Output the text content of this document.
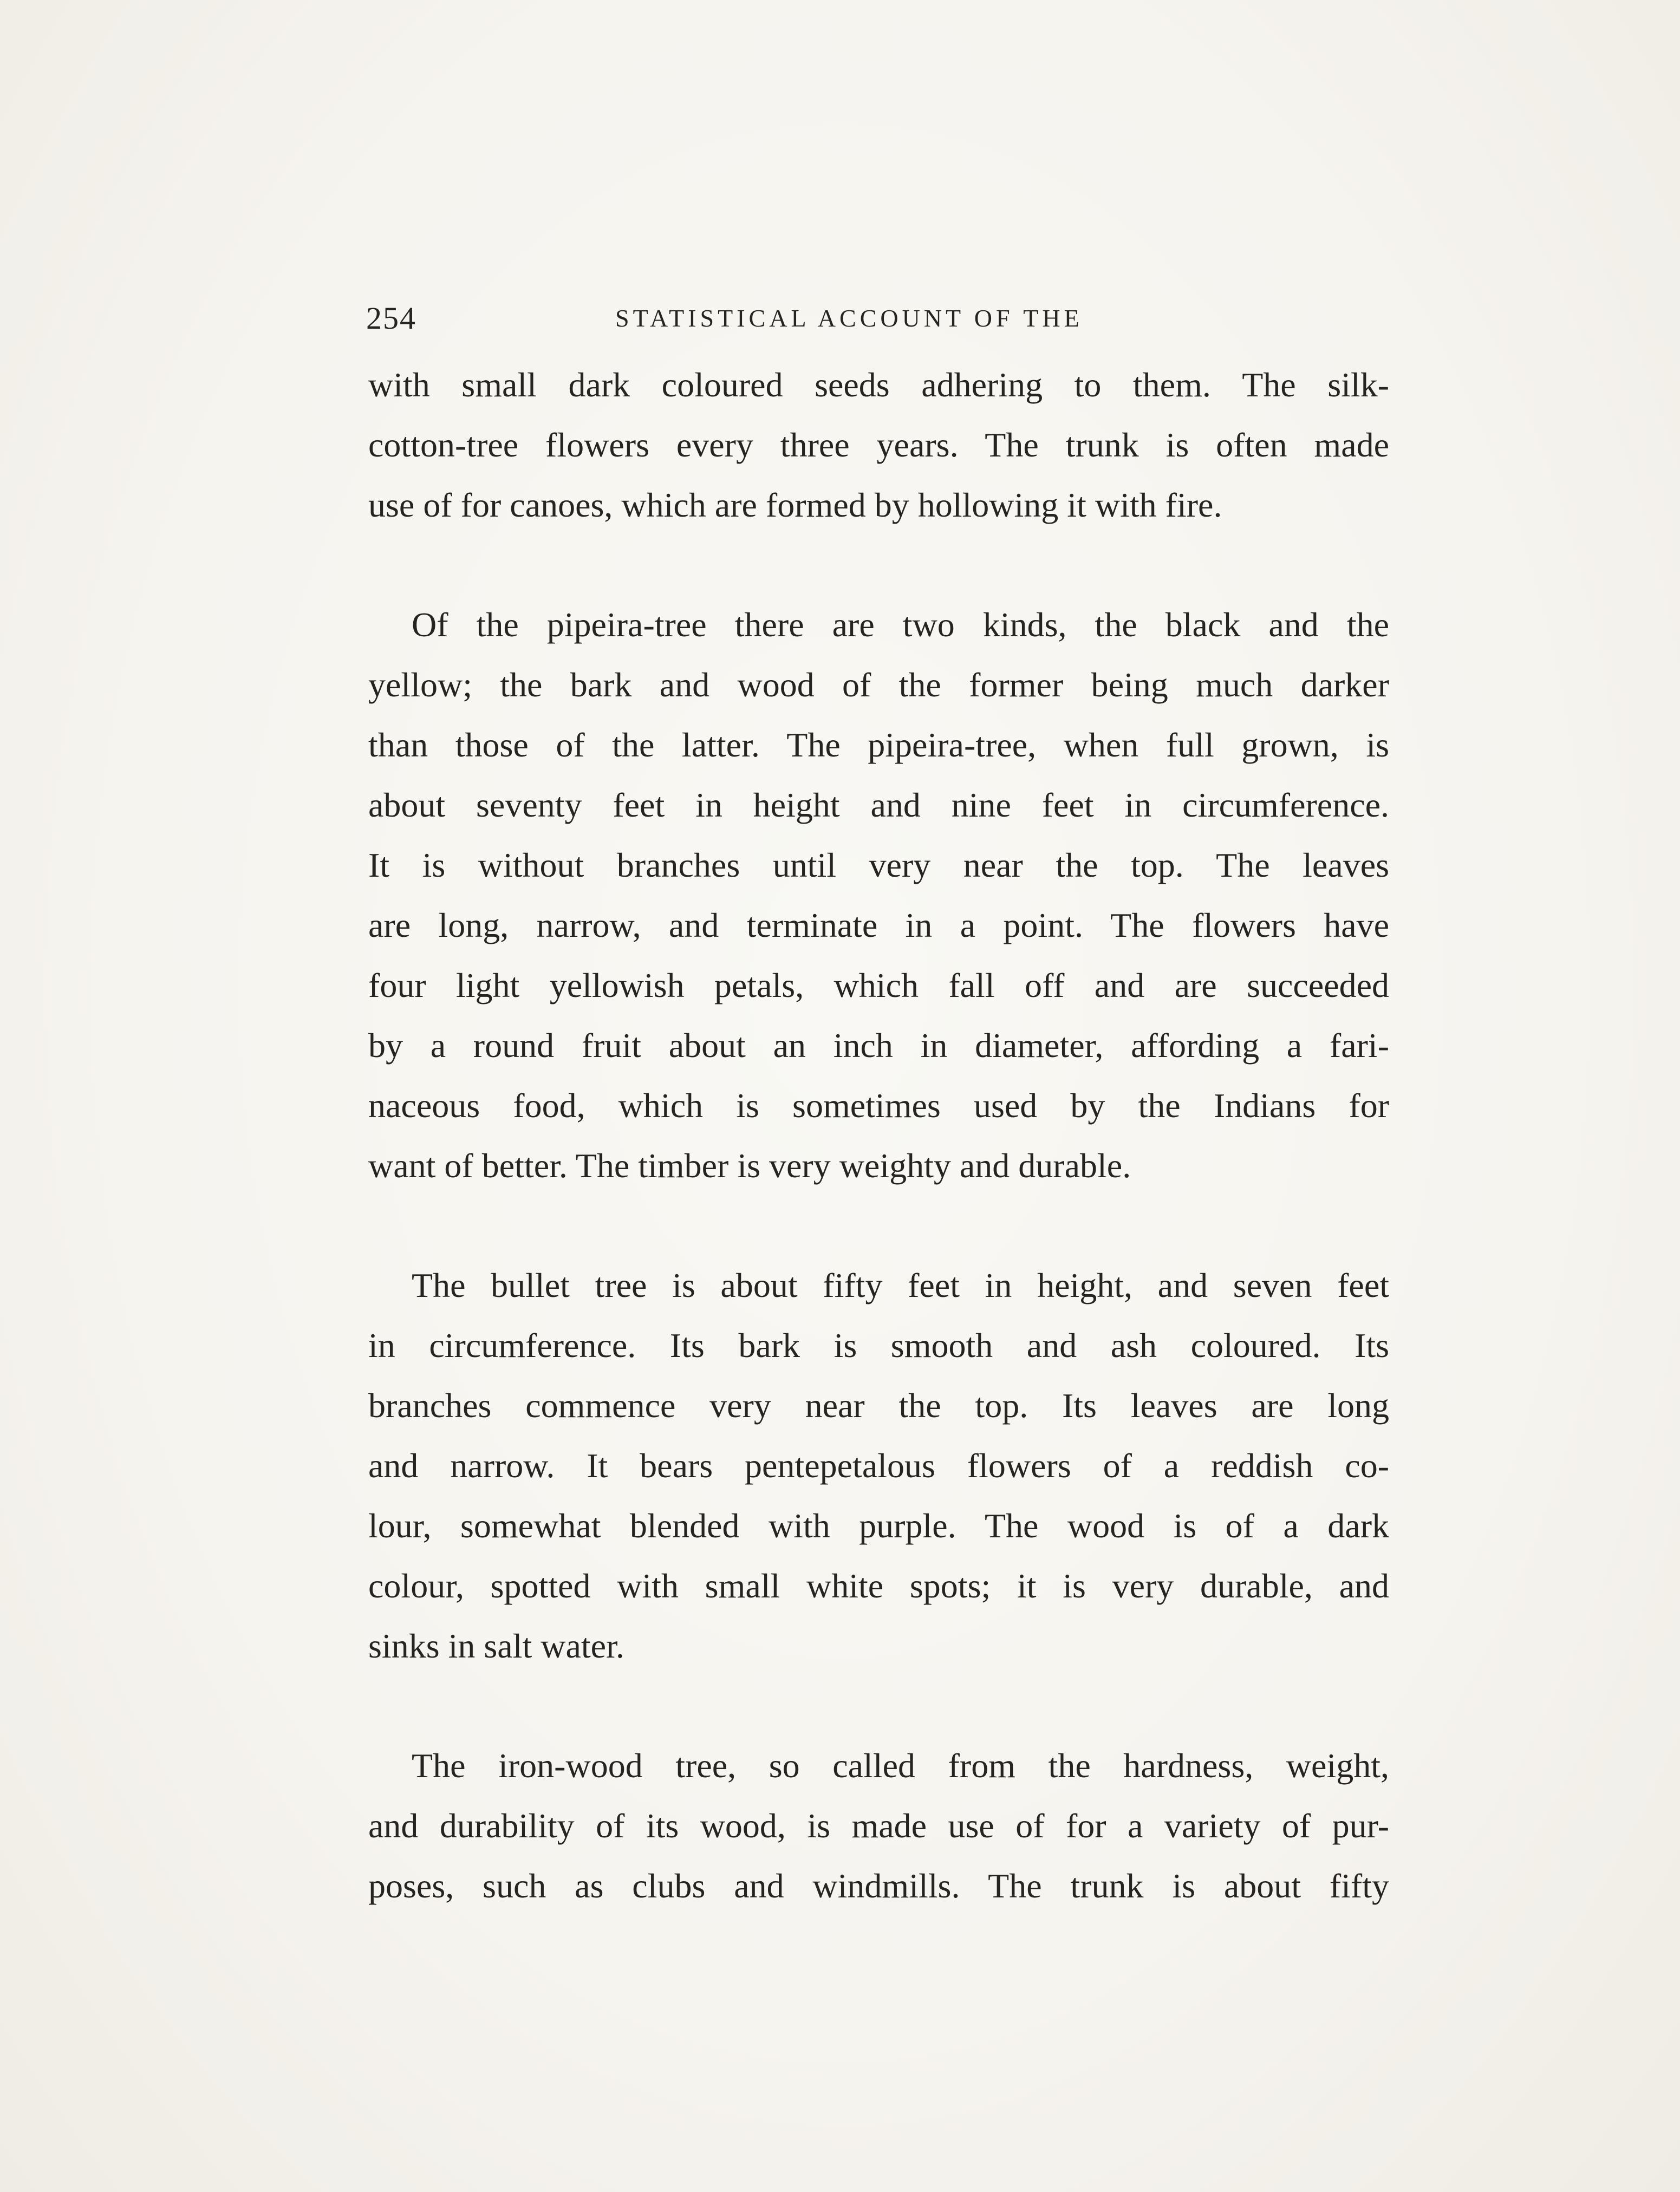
254	STATISTICAL ACCOUNT OF THE
with small dark coloured seeds adhering to them. The silk-
cotton-tree flowers every three years. The trunk is often made
use of for canoes, which are formed by hollowing it with fire.
Of the pipeira-tree there are two kinds, the black and the
yellow; the bark and wood of the former being much darker
than those of the latter. The pipeira-tree, when full grown, is
about seventy feet in height and nine feet in circumference.
It is without branches until very near the top. The leaves
are long, narrow, and terminate in a point. The flowers have
four light yellowish petals, which fall off and are succeeded
by a round fruit about an inch in diameter, affording a fari-
naceous food, which is sometimes used by the Indians for
want of better. The timber is very weighty and durable.
The bullet tree is about fifty feet in height, and seven feet
in circumference. Its bark is smooth and ash coloured. Its
branches commence very near the top. Its leaves are long
and narrow. It bears pentepetalous flowers of a reddish co-
lour, somewhat blended with purple. The wood is of a dark
colour, spotted with small white spots; it is very durable, and
sinks in salt water.
The iron-wood tree, so called from the hardness, weight,
and durability of its wood, is made use of for a variety of pur-
poses, such as clubs and windmills. The trunk is about fifty
